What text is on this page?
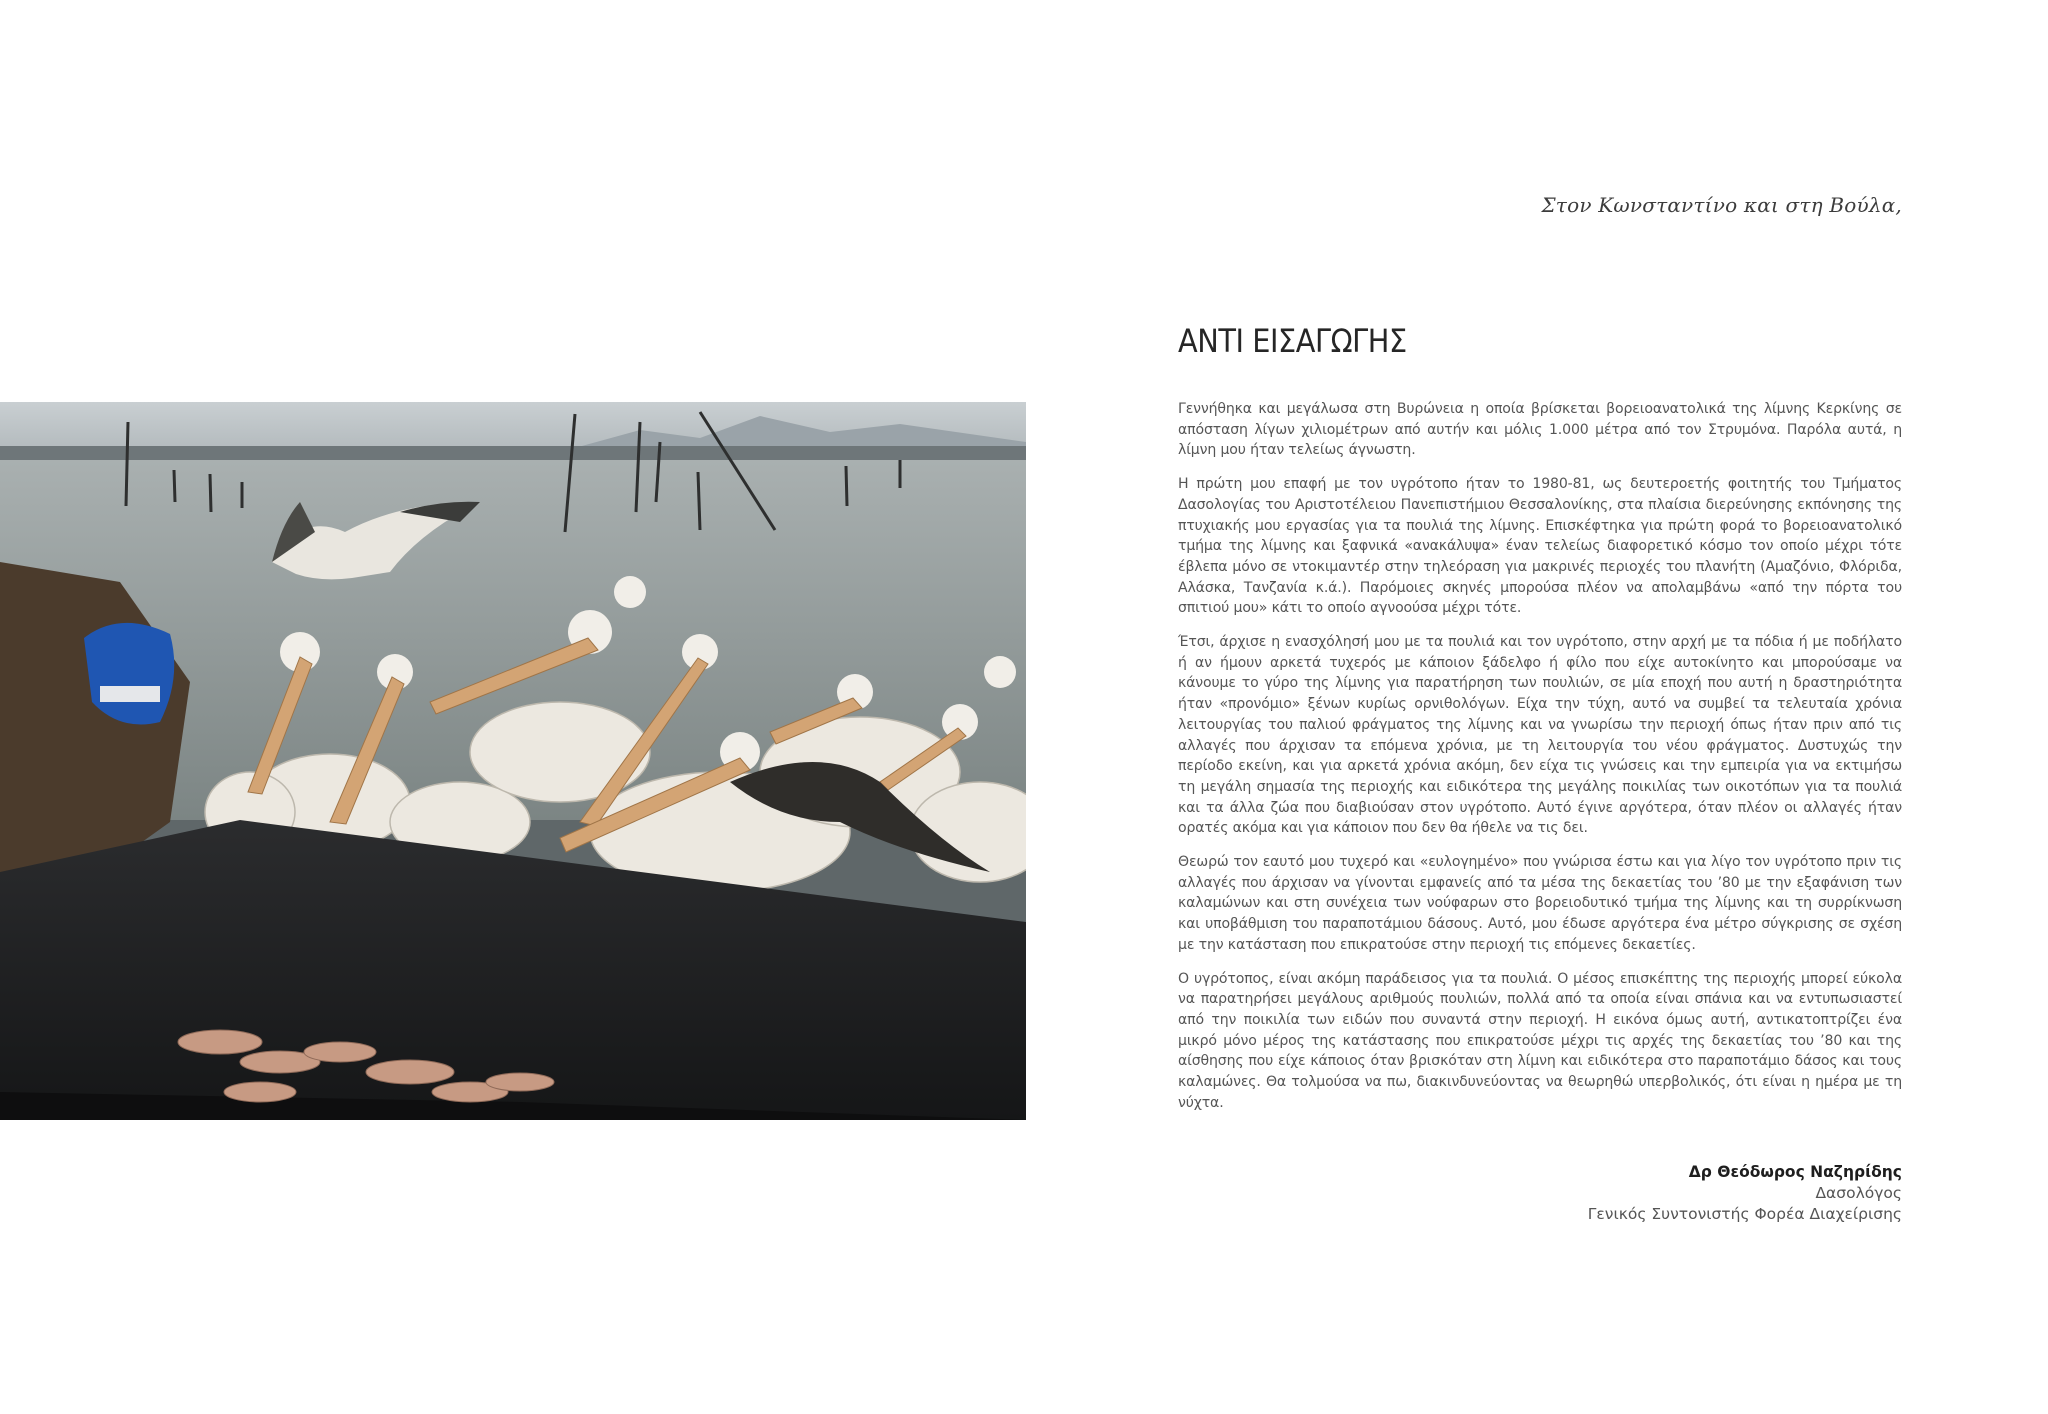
Στον Κωνσταντίνο και στη Βούλα,
ΑΝΤΙ ΕΙΣΑΓΩΓΗΣ

Γεννήθηκα και μεγάλωσα στη Βυρώνεια η οποία βρίσκεται βορειοανατολικά της λίμνης Κερκίνης σε απόσταση λίγων χιλιομέτρων από αυτήν και μόλις 1.000 μέτρα από τον Στρυμόνα. Παρόλα αυτά, η λίμνη μου ήταν τελείως άγνωστη.

Η πρώτη μου επαφή με τον υγρότοπο ήταν το 1980-81, ως δευτεροετής φοιτητής του Τμήματος Δασολογίας του Αριστοτέλειου Πανεπιστήμιου Θεσσαλονίκης, στα πλαίσια διερεύνησης εκπόνησης της πτυχιακής μου εργασίας για τα πουλιά της λίμνης. Επισκέφτηκα για πρώτη φορά το βορειοανατολικό τμήμα της λίμνης και ξαφνικά «ανακάλυψα» έναν τελείως διαφορετικό κόσμο τον οποίο μέχρι τότε έβλεπα μόνο σε ντοκιμαντέρ στην τηλεόραση για μακρινές περιοχές του πλανήτη (Αμαζόνιο, Φλόριδα, Αλάσκα, Τανζανία κ.ά.). Παρόμοιες σκηνές μπορούσα πλέον να απολαμβάνω «από την πόρτα του σπιτιού μου» κάτι το οποίο αγνοούσα μέχρι τότε.

Έτσι, άρχισε η ενασχόλησή μου με τα πουλιά και τον υγρότοπο, στην αρχή με τα πόδια ή με ποδήλατο ή αν ήμουν αρκετά τυχερός με κάποιον ξάδελφο ή φίλο που είχε αυτοκίνητο και μπορούσαμε να κάνουμε το γύρο της λίμνης για παρατήρηση των πουλιών, σε μία εποχή που αυτή η δραστηριότητα ήταν «προνόμιο» ξένων κυρίως ορνιθολόγων. Είχα την τύχη, αυτό να συμβεί τα τελευταία χρόνια λειτουργίας του παλιού φράγματος της λίμνης και να γνωρίσω την περιοχή όπως ήταν πριν από τις αλλαγές που άρχισαν τα επόμενα χρόνια, με τη λειτουργία του νέου φράγματος. Δυστυχώς την περίοδο εκείνη, και για αρκετά χρόνια ακόμη, δεν είχα τις γνώσεις και την εμπειρία για να εκτιμήσω τη μεγάλη σημασία της περιοχής και ειδικότερα της μεγάλης ποικιλίας των οικοτόπων για τα πουλιά και τα άλλα ζώα που διαβιούσαν στον υγρότοπο. Αυτό έγινε αργότερα, όταν πλέον οι αλλαγές ήταν ορατές ακόμα και για κάποιον που δεν θα ήθελε να τις δει.

Θεωρώ τον εαυτό μου τυχερό και «ευλογημένο» που γνώρισα έστω και για λίγο τον υγρότοπο πριν τις αλλαγές που άρχισαν να γίνονται εμφανείς από τα μέσα της δεκαετίας του ’80 με την εξαφάνιση των καλαμώνων και στη συνέχεια των νούφαρων στο βορειοδυτικό τμήμα της λίμνης και τη συρρίκνωση και υποβάθμιση του παραποτάμιου δάσους. Αυτό, μου έδωσε αργότερα ένα μέτρο σύγκρισης σε σχέση με την κατάσταση που επικρατούσε στην περιοχή τις επόμενες δεκαετίες.

Ο υγρότοπος, είναι ακόμη παράδεισος για τα πουλιά. Ο μέσος επισκέπτης της περιοχής μπορεί εύκολα να παρατηρήσει μεγάλους αριθμούς πουλιών, πολλά από τα οποία είναι σπάνια και να εντυπωσιαστεί από την ποικιλία των ειδών που συναντά στην περιοχή. Η εικόνα όμως αυτή, αντικατοπτρίζει ένα μικρό μόνο μέρος της κατάστασης που επικρατούσε μέχρι τις αρχές της δεκαετίας του ’80 και της αίσθησης που είχε κάποιος όταν βρισκόταν στη λίμνη και ειδικότερα στο παραποτάμιο δάσος και τους καλαμώνες. Θα τολμούσα να πω, διακινδυνεύοντας να θεωρηθώ υπερβολικός, ότι είναι η ημέρα με τη νύχτα.

Δρ Θεόδωρος Ναζηρίδης
Δασολόγος
Γενικός Συντονιστής Φορέα Διαχείρισης
